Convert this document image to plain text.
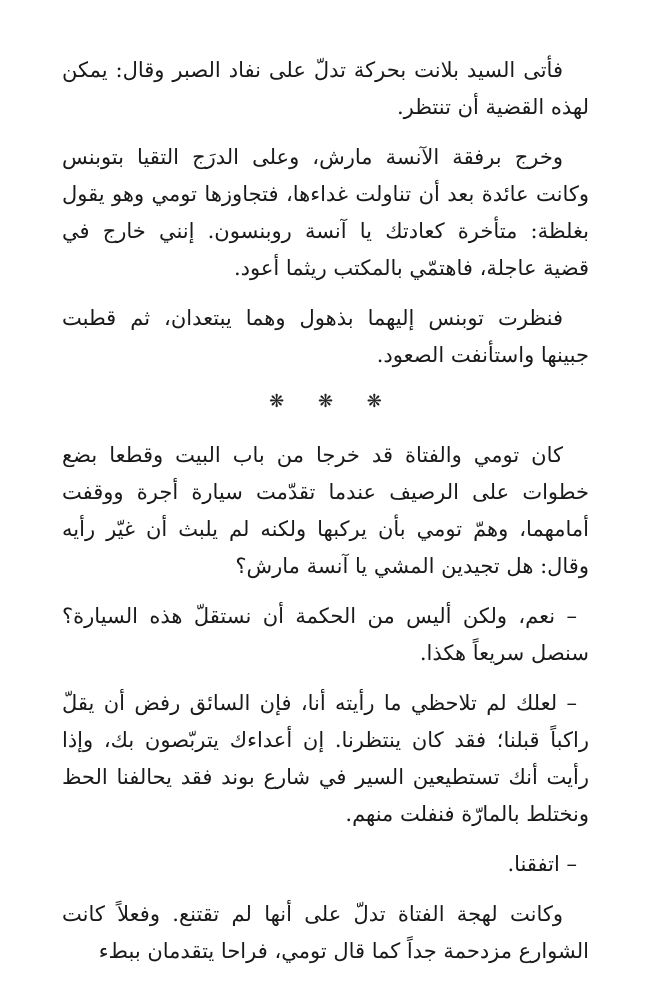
فأتى السيد بلانت بحركة تدلّ على نفاد الصبر وقال: يمكن لهذه القضية أن تنتظر.

وخرج برفقة الآنسة مارش، وعلى الدرَج التقيا بتوبنس وكانت عائدة بعد أن تناولت غداءها، فتجاوزها تومي وهو يقول بغلظة: متأخرة كعادتك يا آنسة روبنسون. إنني خارج في قضية عاجلة، فاهتمّي بالمكتب ريثما أعود.

فنظرت توبنس إليهما بذهول وهما يبتعدان، ثم قطبت جبينها واستأنفت الصعود.

❋ ❋ ❋

كان تومي والفتاة قد خرجا من باب البيت وقطعا بضع خطوات على الرصيف عندما تقدّمت سيارة أجرة ووقفت أمامهما، وهمّ تومي بأن يركبها ولكنه لم يلبث أن غيّر رأيه وقال: هل تجيدين المشي يا آنسة مارش؟

– نعم، ولكن أليس من الحكمة أن نستقلّ هذه السيارة؟ سنصل سريعاً هكذا.

– لعلك لم تلاحظي ما رأيته أنا، فإن السائق رفض أن يقلّ راكباً قبلنا؛ فقد كان ينتظرنا. إن أعداءك يتربّصون بك، وإذا رأيت أنك تستطيعين السير في شارع بوند فقد يحالفنا الحظ ونختلط بالمارّة فنفلت منهم.

– اتفقنا.

وكانت لهجة الفتاة تدلّ على أنها لم تقتنع. وفعلاً كانت الشوارع مزدحمة جداً كما قال تومي، فراحا يتقدمان ببطء
